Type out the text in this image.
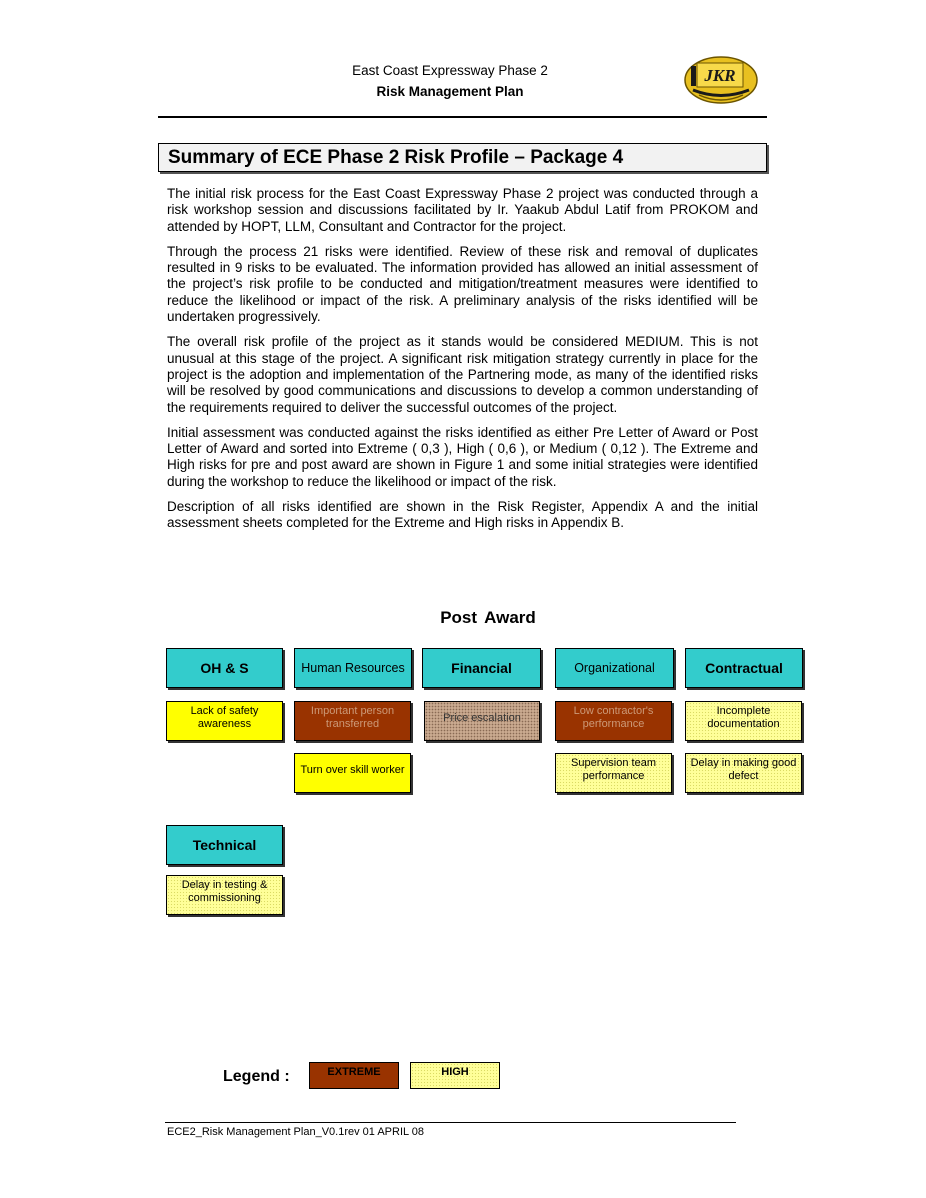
East Coast Expressway Phase 2
Risk Management Plan
JKR
Summary of ECE Phase 2 Risk Profile – Package 4

The initial risk process for the East Coast Expressway Phase 2 project was conducted through a risk workshop session and discussions facilitated by Ir. Yaakub Abdul Latif from PROKOM and attended by HOPT, LLM, Consultant and Contractor for the project.

Through the process 21 risks were identified. Review of these risk and removal of duplicates resulted in 9 risks to be evaluated. The information provided has allowed an initial assessment of the project’s risk profile to be conducted and mitigation/treatment measures were identified to reduce the likelihood or impact of the risk. A preliminary analysis of the risks identified will be undertaken progressively.

The overall risk profile of the project as it stands would be considered MEDIUM. This is not unusual at this stage of the project. A significant risk mitigation strategy currently in place for the project is the adoption and implementation of the Partnering mode, as many of the identified risks will be resolved by good communications and discussions to develop a common understanding of the requirements required to deliver the successful outcomes of the project.

Initial assessment was conducted against the risks identified as either Pre Letter of Award or Post Letter of Award and sorted into Extreme ( 0,3 ), High ( 0,6 ), or Medium ( 0,12 ). The Extreme and High risks for pre and post award are shown in Figure 1 and some initial strategies were identified during the workshop to reduce the likelihood or impact of the risk.

Description of all risks identified are shown in the Risk Register, Appendix A and the initial assessment sheets completed for the Extreme and High risks in Appendix B.

Post Award
OH & S	Human Resources	Financial	Organizational	Contractual
Technical
Lack of safety awareness
Important person transferred
Turn over skill worker
Price escalation
Low contractor's performance
Supervision team performance
Incomplete documentation
Delay in making good defect
Delay in testing & commissioning
Legend :	EXTREME	HIGH
ECE2_Risk Management Plan_V0.1rev 01 APRIL 08
